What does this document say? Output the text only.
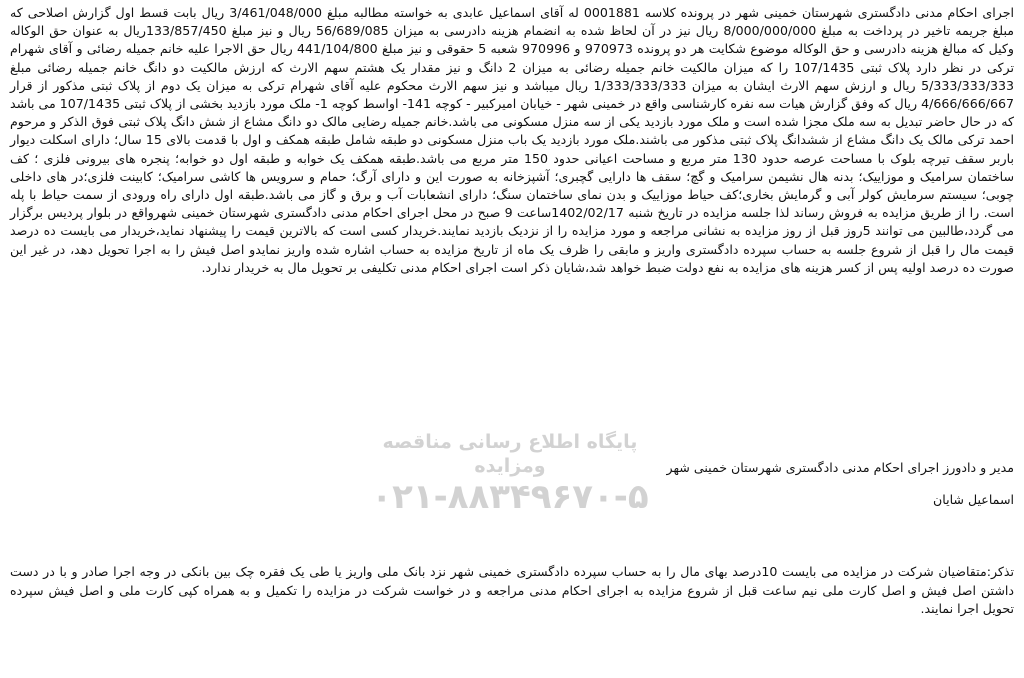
پایگاه اطلاع رسانی مناقصه ومزایده
۰۲۱-۸۸۳۴۹۶۷۰-۵

اجرای احکام مدنی دادگستری شهرستان خمینی شهر در پرونده کلاسه 0001881 له آقای اسماعیل عابدی به خواسته مطالبه مبلغ 3/461/048/000 ریال بابت قسط اول گزارش اصلاحی که مبلغ جریمه تاخیر در پرداخت به مبلغ 8/000/000/000 ریال نیز در آن لحاظ شده به انضمام هزینه دادرسی به میزان 56/689/085 ریال و نیز مبلغ 133/857/450ریال به عنوان حق الوکاله وکیل که مبالغ هزینه دادرسی و حق الوکاله موضوع شکایت هر دو پرونده 970973 و 970996 شعبه 5 حقوقی و نیز مبلغ 441/104/800 ریال حق الاجرا علیه خانم جمیله رضائی و آقای شهرام ترکی در نظر دارد پلاک ثبتی 107/1435 را که میزان مالکیت خانم جمیله رضائی به میزان 2 دانگ و نیز مقدار یک هشتم سهم الارث که ارزش مالکیت دو دانگ خانم جمیله رضائی مبلغ 5/333/333/333 ریال و ارزش سهم الارث ایشان به میزان 1/333/333/333 ریال میباشد و نیز سهم الارث محکوم علیه آقای شهرام ترکی به میزان یک دوم از پلاک ثبتی مذکور از قرار 4/666/666/667 ریال که وفق گزارش هیات سه نفره کارشناسی واقع در خمینی شهر - خیابان امیرکبیر - کوچه 141- اواسط کوچه 1- ملک مورد بازدید بخشی از پلاک ثبتی 107/1435 می باشد که در حال حاضر تبدیل به سه ملک مجزا شده است و ملک مورد بازدید یکی از سه منزل مسکونی می باشد.خانم جمیله رضایی مالک دو دانگ مشاع از شش دانگ پلاک ثبتی فوق الذکر و مرحوم احمد ترکی مالک یک دانگ مشاع از ششدانگ پلاک ثبتی مذکور می باشند.ملک مورد بازدید یک باب منزل مسکونی دو طبقه شامل طبقه همکف و اول با قدمت بالای 15 سال؛ دارای اسکلت دیوار باربر سقف تیرچه بلوک با مساحت عرصه حدود 130 متر مربع و مساحت اعیانی حدود 150 متر مربع می باشد.طبقه همکف یک خوابه و طبقه اول دو خوابه؛ پنجره های بیرونی فلزی ؛ کف ساختمان سرامیک و موزاییک؛ بدنه هال نشیمن سرامیک و گچ؛ سقف ها دارایی گچبری؛ آشپزخانه به صورت این و دارای آرگ؛ حمام و سرویس ها کاشی سرامیک؛ کابینت فلزی؛در های داخلی چوبی؛ سیستم سرمایش کولر آبی و گرمایش بخاری؛کف حیاط موزاییک و بدن نمای ساختمان سنگ؛ دارای انشعابات آب و برق و گاز می باشد.طبقه اول دارای راه ورودی از سمت حیاط با پله است. را از طریق مزایده به فروش رساند لذا جلسه مزایده در تاریخ شنبه 1402/02/17ساعت 9 صبح در محل اجرای احکام مدنی دادگستری شهرستان خمینی شهرواقع در بلوار پردیس برگزار می گردد،طالبین می توانند 5روز قبل از روز مزایده به نشانی مراجعه و مورد مزایده را از نزدیک بازدید نمایند.خریدار کسی است که بالاترین قیمت را پیشنهاد نماید،خریدار می بایست ده درصد قیمت مال را قبل از شروع جلسه به حساب سپرده دادگستری واریز و مابقی را ظرف یک ماه از تاریخ مزایده به حساب اشاره شده واریز نمایدو اصل فیش را به اجرا تحویل دهد، در غیر این صورت ده درصد اولیه پس از کسر هزینه های مزایده به نفع دولت ضبط خواهد شد،شایان ذکر است اجرای احکام مدنی تکلیفی بر تحویل مال به خریدار ندارد.

مدیر و دادورز اجرای احکام مدنی دادگستری شهرستان خمینی شهر

اسماعیل شایان

تذکر:متقاضیان شرکت در مزایده می بایست 10درصد بهای مال را به حساب سپرده دادگستری خمینی شهر نزد بانک ملی واریز یا طی یک فقره چک بین بانکی در وجه اجرا صادر و با در دست داشتن اصل فیش و اصل کارت ملی نیم ساعت قبل از شروع مزایده به اجرای احکام مدنی مراجعه و در خواست شرکت در مزایده را تکمیل و به همراه کپی کارت ملی و اصل فیش سپرده تحویل اجرا نمایند.
